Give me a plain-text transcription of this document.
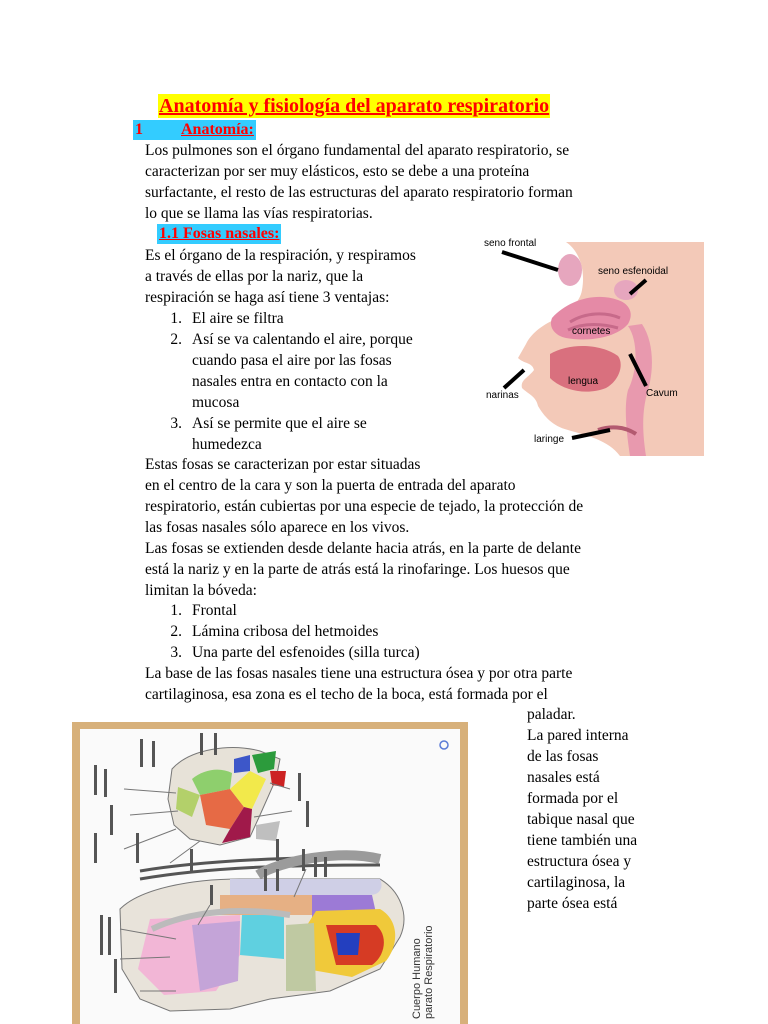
Anatomía y fisiología del aparato respiratorio
1 Anatomía:
Los pulmones son el órgano fundamental del aparato respiratorio, se
caracterizan por ser muy elásticos, esto se debe a una proteína
surfactante, el resto de las estructuras del aparato respiratorio forman
lo que se llama las vías respiratorias.
1.1 Fosas nasales:
Es el órgano de la respiración, y respiramos
a través de ellas por la nariz, que la
respiración se haga así tiene 3 ventajas:
1. El aire se filtra
2. Así se va calentando el aire, porque
cuando pasa el aire por las fosas
nasales entra en contacto con la
mucosa
3. Así se permite que el aire se
humedezca
Estas fosas se caracterizan por estar situadas
en el centro de la cara y son la puerta de entrada del aparato
respiratorio, están cubiertas por una especie de tejado, la protección de
las fosas nasales sólo aparece en los vivos.
Las fosas se extienden desde delante hacia atrás, en la parte de delante
está la nariz y en la parte de atrás está la rinofaringe. Los huesos que
limitan la bóveda:
1. Frontal
2. Lámina cribosa del hetmoides
3. Una parte del esfenoides (silla turca)
La base de las fosas nasales tiene una estructura ósea y por otra parte
cartilaginosa, esa zona es el techo de la boca, está formada por el
paladar.
La pared interna
de las fosas
nasales está
formada por el
tabique nasal que
tiene también una
estructura ósea y
cartilaginosa, la
parte ósea está
seno frontal
seno esfenoidal
cornetes
narinas
lengua
Cavum
laringe
Cuerpo Humano parato Respiratorio
